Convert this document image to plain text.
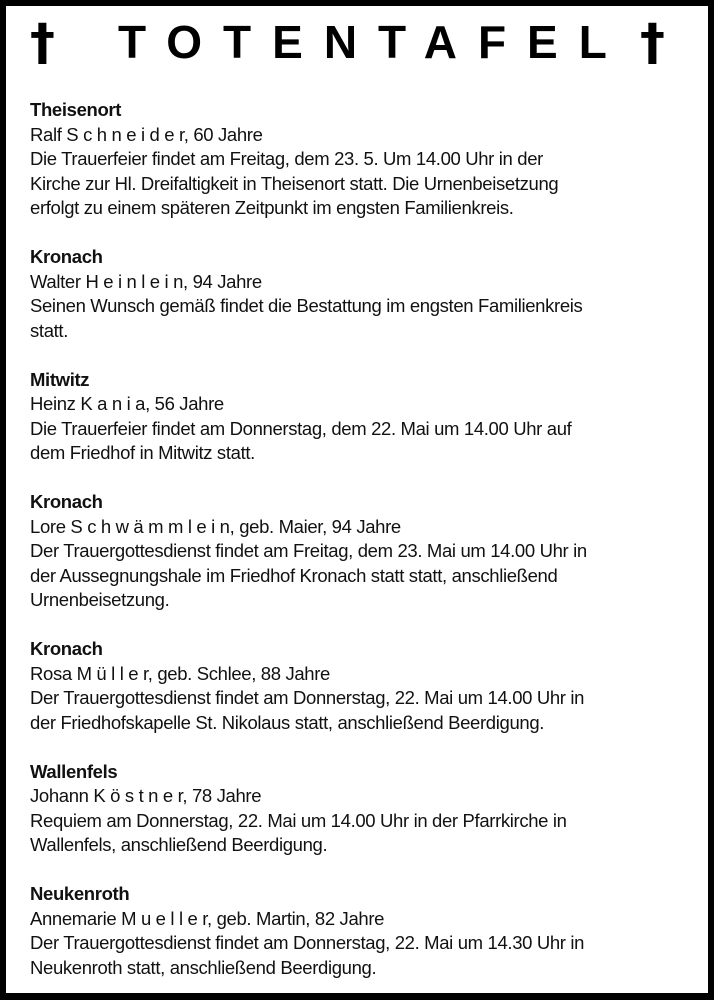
† TOTENTAFEL †
Theisenort
Ralf S c h n e i d e r, 60 Jahre
Die Trauerfeier findet am Freitag, dem 23. 5. Um 14.00 Uhr in der
Kirche zur Hl. Dreifaltigkeit in Theisenort statt. Die Urnenbeisetzung
erfolgt zu einem späteren Zeitpunkt im engsten Familienkreis.
Kronach
Walter H e i n l e i n, 94 Jahre
Seinen Wunsch gemäß findet die Bestattung im engsten Familienkreis
statt.
Mitwitz
Heinz K a n i a, 56 Jahre
Die Trauerfeier findet am Donnerstag, dem 22. Mai um 14.00 Uhr auf
dem Friedhof in Mitwitz statt.
Kronach
Lore S c h w ä m m l e i n, geb. Maier, 94 Jahre
Der Trauergottesdienst findet am Freitag, dem 23. Mai um 14.00 Uhr in
der Aussegnungshale im Friedhof Kronach statt statt, anschließend
Urnenbeisetzung.
Kronach
Rosa M ü l l e r, geb. Schlee, 88 Jahre
Der Trauergottesdienst findet am Donnerstag, 22. Mai um 14.00 Uhr in
der Friedhofskapelle St. Nikolaus statt, anschließend Beerdigung.
Wallenfels
Johann K ö s t n e r, 78 Jahre
Requiem am Donnerstag, 22. Mai um 14.00 Uhr in der Pfarrkirche in
Wallenfels, anschließend Beerdigung.
Neukenroth
Annemarie M u e l l e r, geb. Martin, 82 Jahre
Der Trauergottesdienst findet am Donnerstag, 22. Mai um 14.30 Uhr in
Neukenroth statt, anschließend Beerdigung.
